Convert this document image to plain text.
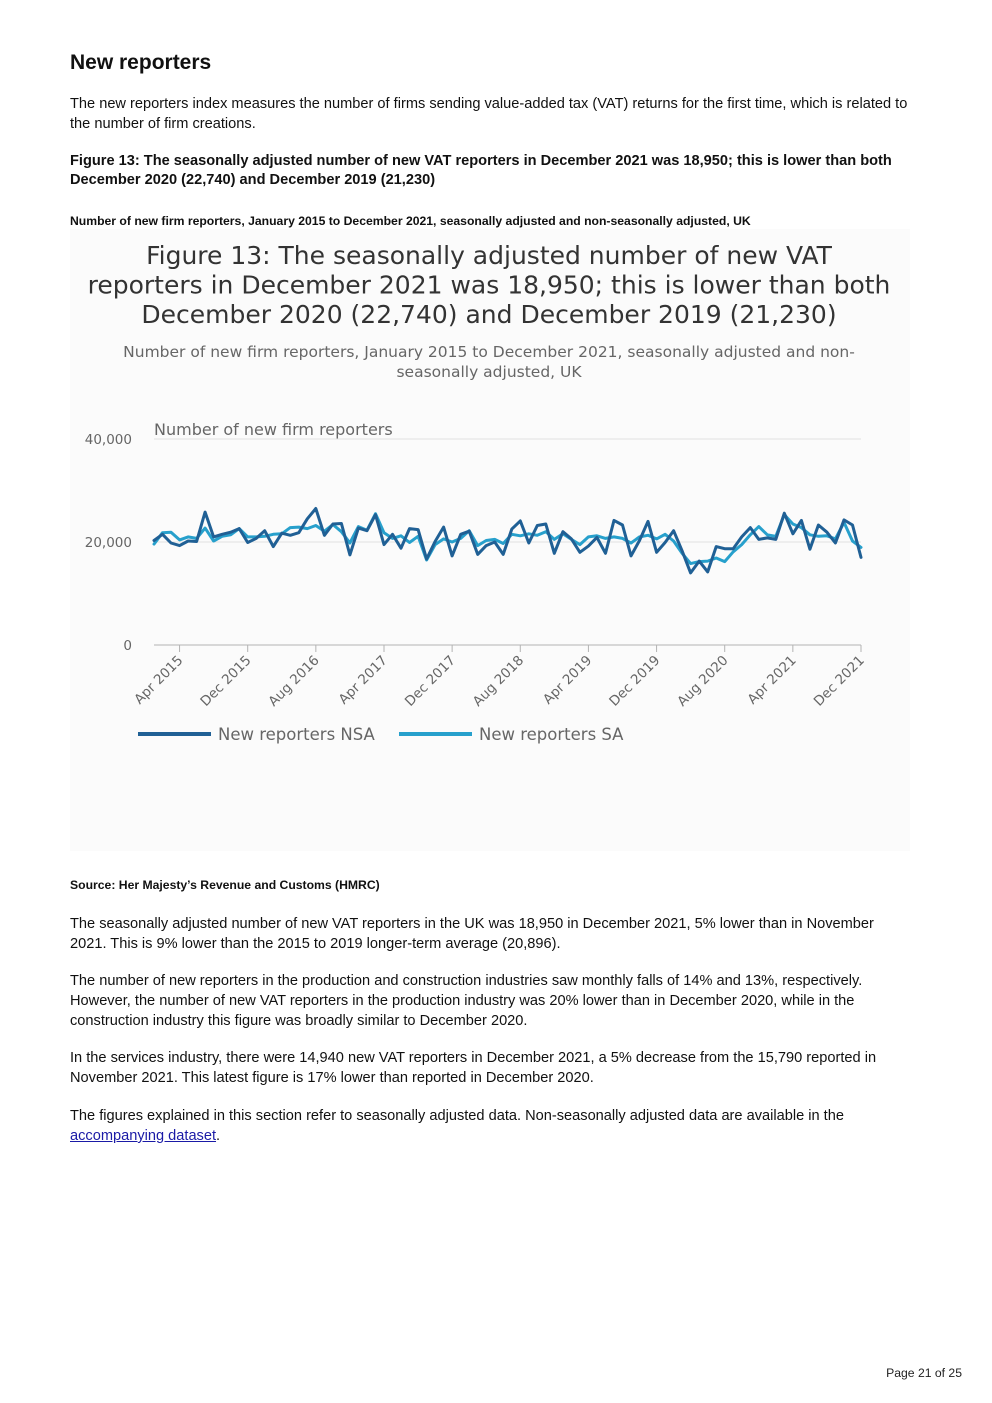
New reporters

The new reporters index measures the number of firms sending value-added tax (VAT) returns for the first time, which is related to the number of firm creations.

Figure 13: The seasonally adjusted number of new VAT reporters in December 2021 was 18,950; this is lower than both December 2020 (22,740) and December 2019 (21,230)

Number of new firm reporters, January 2015 to December 2021, seasonally adjusted and non-seasonally adjusted, UK

Figure 13: The seasonally adjusted number of new VAT
reporters in December 2021 was 18,950; this is lower than both
December 2020 (22,740) and December 2019 (21,230)
Number of new firm reporters, January 2015 to December 2021, seasonally adjusted and non-
seasonally adjusted, UK
0
20,000
40,000
Number of new firm reporters
Apr 2015 Dec 2015 Aug 2016 Apr 2017 Dec 2017 Aug 2018 Apr 2019 Dec 2019 Aug 2020 Apr 2021 Dec 2021
New reporters NSA	New reporters SA

Source: Her Majesty’s Revenue and Customs (HMRC)

The seasonally adjusted number of new VAT reporters in the UK was 18,950 in December 2021, 5% lower than in November 2021. This is 9% lower than the 2015 to 2019 longer-term average (20,896).

The number of new reporters in the production and construction industries saw monthly falls of 14% and 13%, respectively. However, the number of new VAT reporters in the production industry was 20% lower than in December 2020, while in the construction industry this figure was broadly similar to December 2020.

In the services industry, there were 14,940 new VAT reporters in December 2021, a 5% decrease from the 15,790 reported in November 2021. This latest figure is 17% lower than reported in December 2020.

The figures explained in this section refer to seasonally adjusted data. Non-seasonally adjusted data are available in the accompanying dataset.

Page 21 of 25
